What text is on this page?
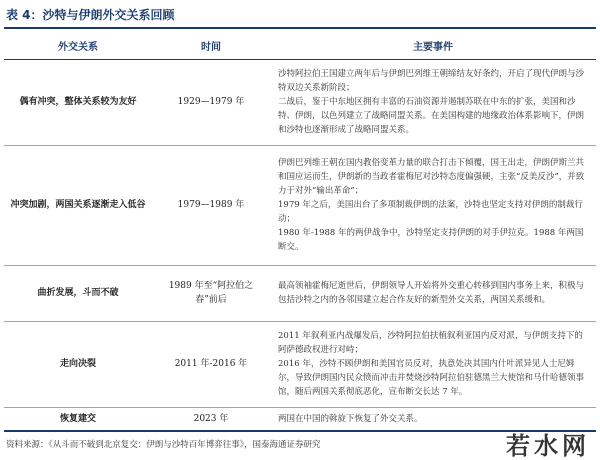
表 4：沙特与伊朗外交关系回顾
外交关系	时间	主要事件
偶有冲突，整体关系较为友好	1929—1979 年	沙特阿拉伯王国建立两年后与伊朗巴列维王朝缔结友好条约，开启了现代伊朗与沙特双边关系新阶段；

二战后，鉴于中东地区拥有丰富的石油资源并遏制苏联在中东的扩张，美国和沙特、伊朗，以色列建立了战略同盟关系。在美国构建的地缘政治体系影响下，伊朗和沙特也逐渐形成了战略同盟关系。

冲突加剧，两国关系逐渐走入低谷	1979—1989 年	伊朗巴列维王朝在国内教俗变革力量的联合打击下倾覆，国王出走，伊朗伊斯兰共和国应运而生，伊朗新的当政者霍梅尼对沙特态度偏强硬，主张“反美反沙”，并致力于对外“输出革命”；

1979 年之后，美国出台了多项制裁伊朗的法案，沙特也坚定支持对伊朗的制裁行动；

1980 年-1988 年的两伊战争中，沙特坚定支持伊朗的对手伊拉克。1988 年两国断交。

曲折发展，斗而不破	1989 年至“阿拉伯之春”前后	最高领袖霍梅尼逝世后，伊朗领导人开始将外交重心转移到国内事务上来，积极与包括沙特之内的各邻国建立起合作友好的新型外交关系，两国关系缓和。

走向决裂	2011 年-2016 年	2011 年叙利亚内战爆发后，沙特阿拉伯扶植叙利亚国内反对派，与伊朗支持下的阿萨德政权进行对峙；

2016 年，沙特不顾伊朗和美国官员反对，执意处决其国内什叶派异见人士尼姆尔，导致伊朗国内民众愤而冲击并焚烧沙特阿拉伯驻德黑兰大使馆和马什哈德领事馆，随后两国关系彻底恶化，宣布断交长达 7 年。

恢复建交	2023 年	两国在中国的斡旋下恢复了外交关系。

资料来源：《从斗而不破到北京复交：伊朗与沙特百年博弈往事》，国泰海通证券研究	若水网
